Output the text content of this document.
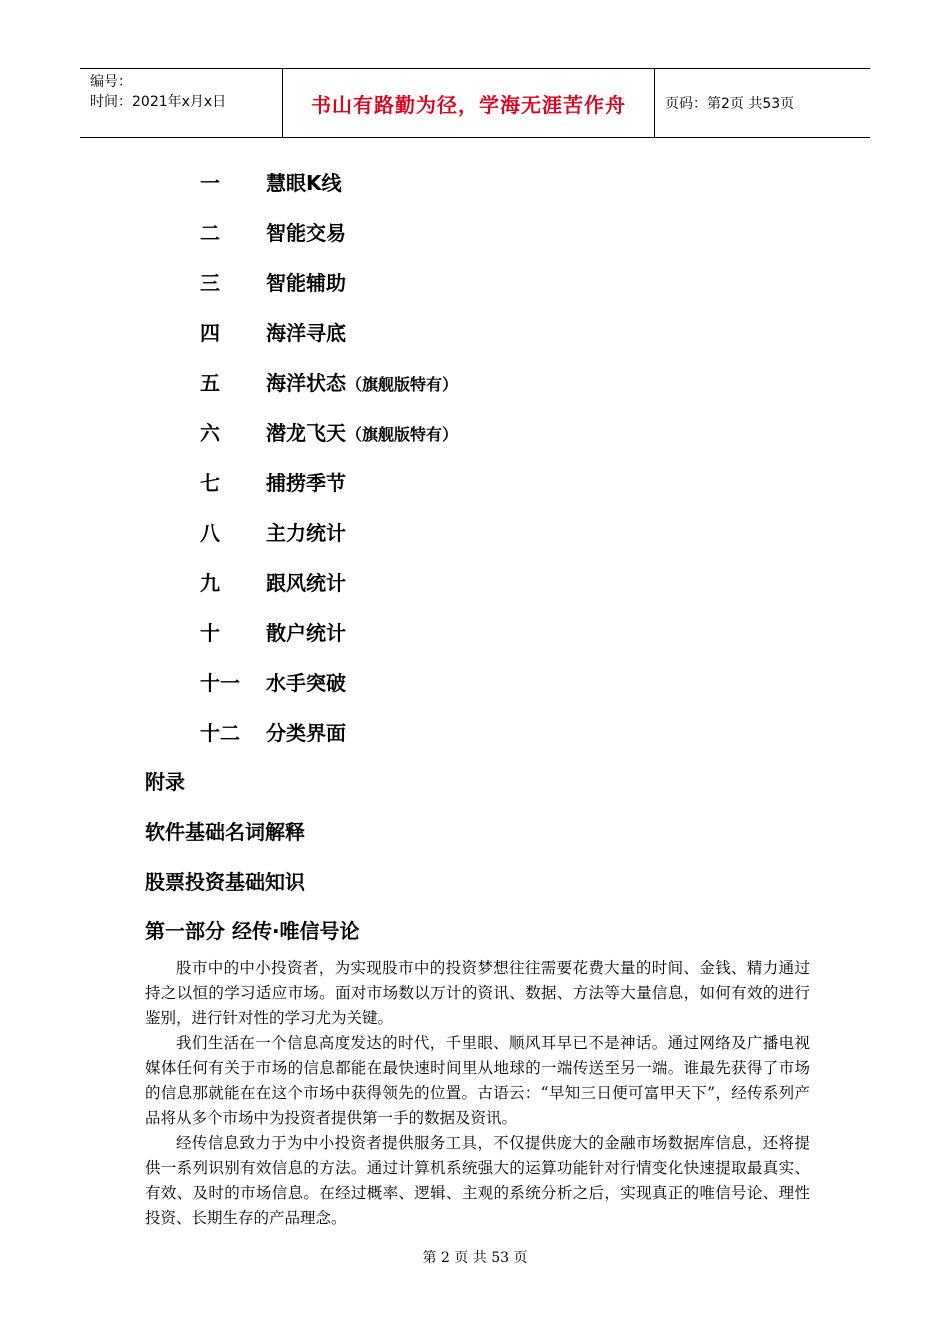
编号：
时间：2021年x月x日	书山有路勤为径，学海无涯苦作舟	页码：第2页 共53页
一 慧眼K线
二 智能交易
三 智能辅助
四 海洋寻底
五 海洋状态（旗舰版特有）
六 潜龙飞天（旗舰版特有）
七 捕捞季节
八 主力统计
九 跟风统计
十 散户统计
十一 水手突破
十二 分类界面
附录
软件基础名词解释
股票投资基础知识
第一部分 经传·唯信号论

股市中的中小投资者，为实现股市中的投资梦想往往需要花费大量的时间、金钱、精力通过持之以恒的学习适应市场。面对市场数以万计的资讯、数据、方法等大量信息，如何有效的进行鉴别，进行针对性的学习尤为关键。

我们生活在一个信息高度发达的时代，千里眼、顺风耳早已不是神话。通过网络及广播电视媒体任何有关于市场的信息都能在最快速时间里从地球的一端传送至另一端。谁最先获得了市场的信息那就能在在这个市场中获得领先的位置。古语云：“早知三日便可富甲天下”，经传系列产品将从多个市场中为投资者提供第一手的数据及资讯。

经传信息致力于为中小投资者提供服务工具，不仅提供庞大的金融市场数据库信息，还将提供一系列识别有效信息的方法。通过计算机系统强大的运算功能针对行情变化快速提取最真实、有效、及时的市场信息。在经过概率、逻辑、主观的系统分析之后，实现真正的唯信号论、理性投资、长期生存的产品理念。

第 2 页 共 53 页
